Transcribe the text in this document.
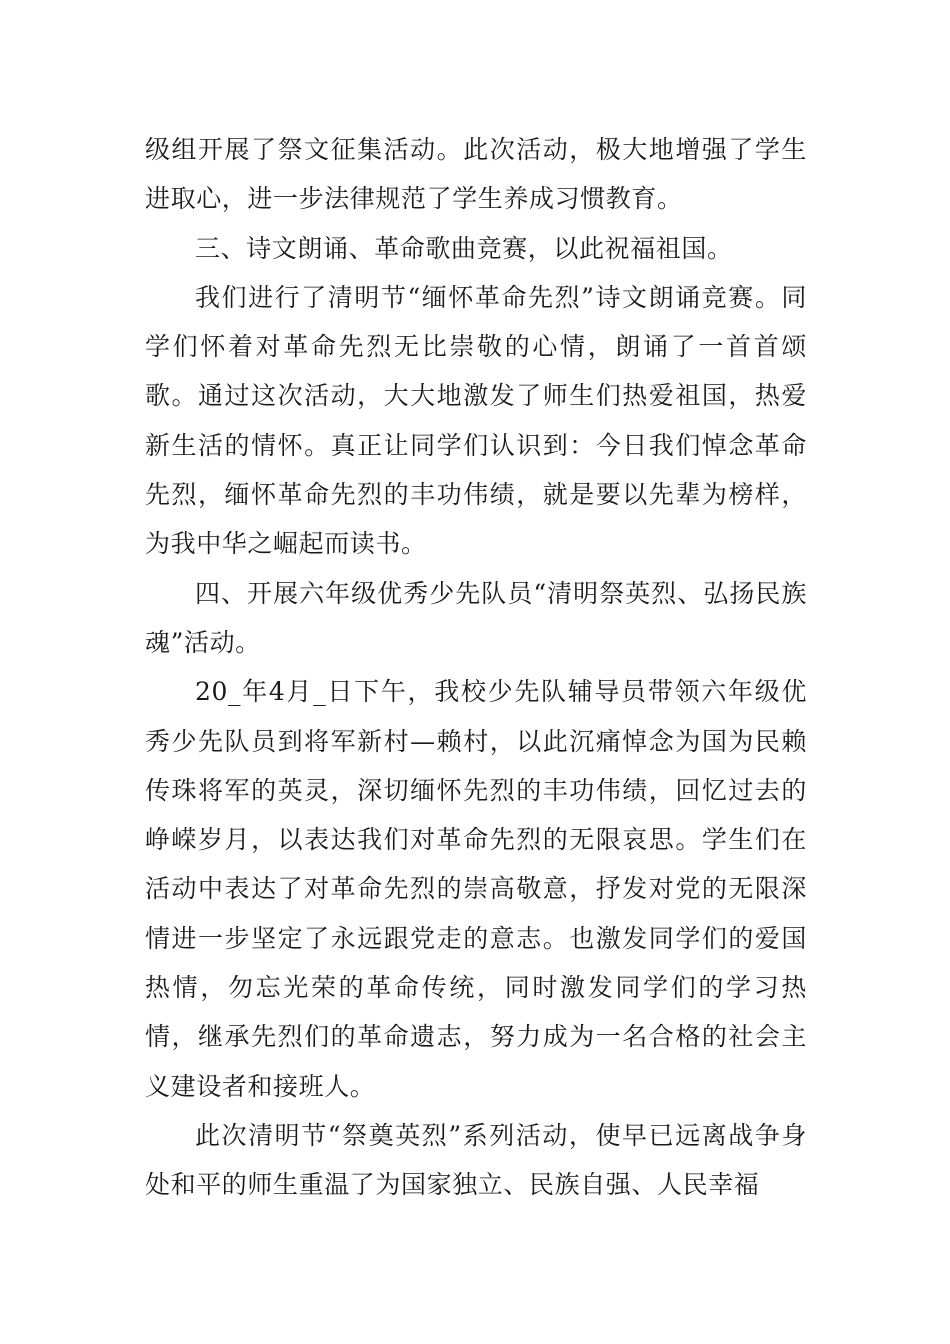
级组开展了祭文征集活动。此次活动，极大地增强了学生进取心，进一步法律规范了学生养成习惯教育。

三、诗文朗诵、革命歌曲竞赛，以此祝福祖国。

我们进行了清明节“缅怀革命先烈”诗文朗诵竞赛。同学们怀着对革命先烈无比崇敬的心情，朗诵了一首首颂歌。通过这次活动，大大地激发了师生们热爱祖国，热爱新生活的情怀。真正让同学们认识到：今日我们悼念革命先烈，缅怀革命先烈的丰功伟绩，就是要以先辈为榜样，为我中华之崛起而读书。

四、开展六年级优秀少先队员“清明祭英烈、弘扬民族魂”活动。

20_年4月_日下午，我校少先队辅导员带领六年级优秀少先队员到将军新村—赖村，以此沉痛悼念为国为民赖传珠将军的英灵，深切缅怀先烈的丰功伟绩，回忆过去的峥嵘岁月，以表达我们对革命先烈的无限哀思。学生们在活动中表达了对革命先烈的崇高敬意，抒发对党的无限深情进一步坚定了永远跟党走的意志。也激发同学们的爱国热情，勿忘光荣的革命传统，同时激发同学们的学习热情，继承先烈们的革命遗志，努力成为一名合格的社会主义建设者和接班人。

此次清明节“祭奠英烈”系列活动，使早已远离战争身处和平的师生重温了为国家独立、民族自强、人民幸福
